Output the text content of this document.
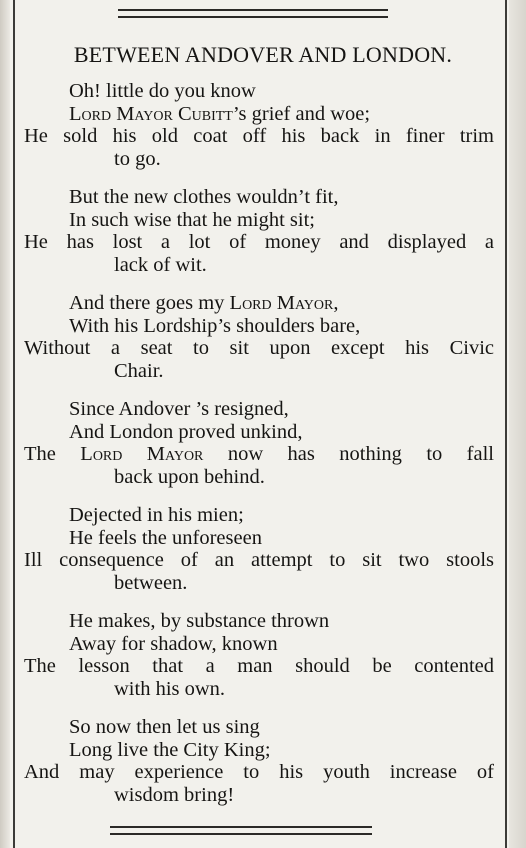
BETWEEN ANDOVER AND LONDON.
Oh! little do you know
Lord Mayor Cubitt’s grief and woe;
He sold his old coat off his back in finer trim
to go.
But the new clothes wouldn’t fit,
In such wise that he might sit;
He has lost a lot of money and displayed a
lack of wit.
And there goes my Lord Mayor,
With his Lordship’s shoulders bare,
Without a seat to sit upon except his Civic
Chair.
Since Andover ’s resigned,
And London proved unkind,
The Lord Mayor now has nothing to fall
back upon behind.
Dejected in his mien;
He feels the unforeseen
Ill consequence of an attempt to sit two stools
between.
He makes, by substance thrown
Away for shadow, known
The lesson that a man should be contented
with his own.
So now then let us sing
Long live the City King;
And may experience to his youth increase of
wisdom bring!
